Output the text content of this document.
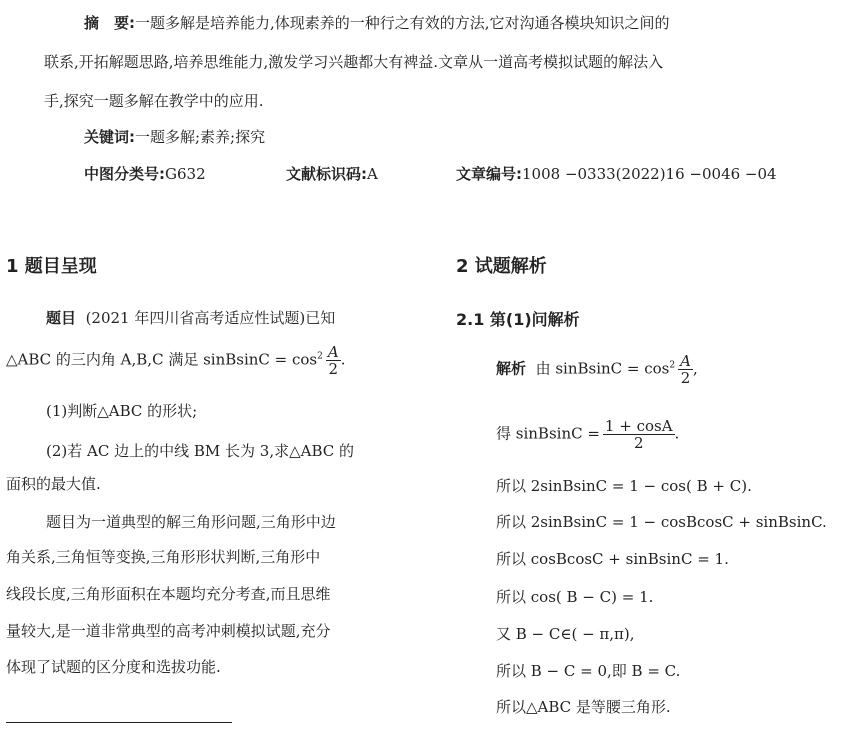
摘　要:一题多解是培养能力,体现素养的一种行之有效的方法,它对沟通各模块知识之间的
联系,开拓解题思路,培养思维能力,激发学习兴趣都大有裨益.文章从一道高考模拟试题的解法入
手,探究一题多解在教学中的应用.
关键词:一题多解;素养;探究
中图分类号:G632	文献标识码:A	文章编号:1008 −0333(2022)16 −0046 −04
1 题目呈现
题目 (2021 年四川省高考适应性试题)已知
△ABC 的三内角 A,B,C 满足 sinBsinC = $\cos^2 \frac{A}{2}$ .
(1)判断△ABC 的形状;
(2)若 AC 边上的中线 BM 长为 3,求△ABC 的
面积的最大值.
题目为一道典型的解三角形问题,三角形中边
角关系,三角恒等变换,三角形形状判断,三角形中
线段长度,三角形面积在本题均充分考查,而且思维
量较大,是一道非常典型的高考冲刺模拟试题,充分
体现了试题的区分度和选拔功能.
2 试题解析
2.1 第(1)问解析
解析 由 sinBsinC = $\cos^2 \frac{A}{2}$ ,
得 sinBsinC = $\frac{1 + \cos A}{2}$ .
所以 2sinBsinC = 1 − cos( B + C).
所以 2sinBsinC = 1 − cosBcosC + sinBsinC.
所以 cosBcosC + sinBsinC = 1.
所以 cos( B − C) = 1.
又 B − C∈( − π,π),
所以 B − C = 0,即 B = C.
所以△ABC 是等腰三角形.
